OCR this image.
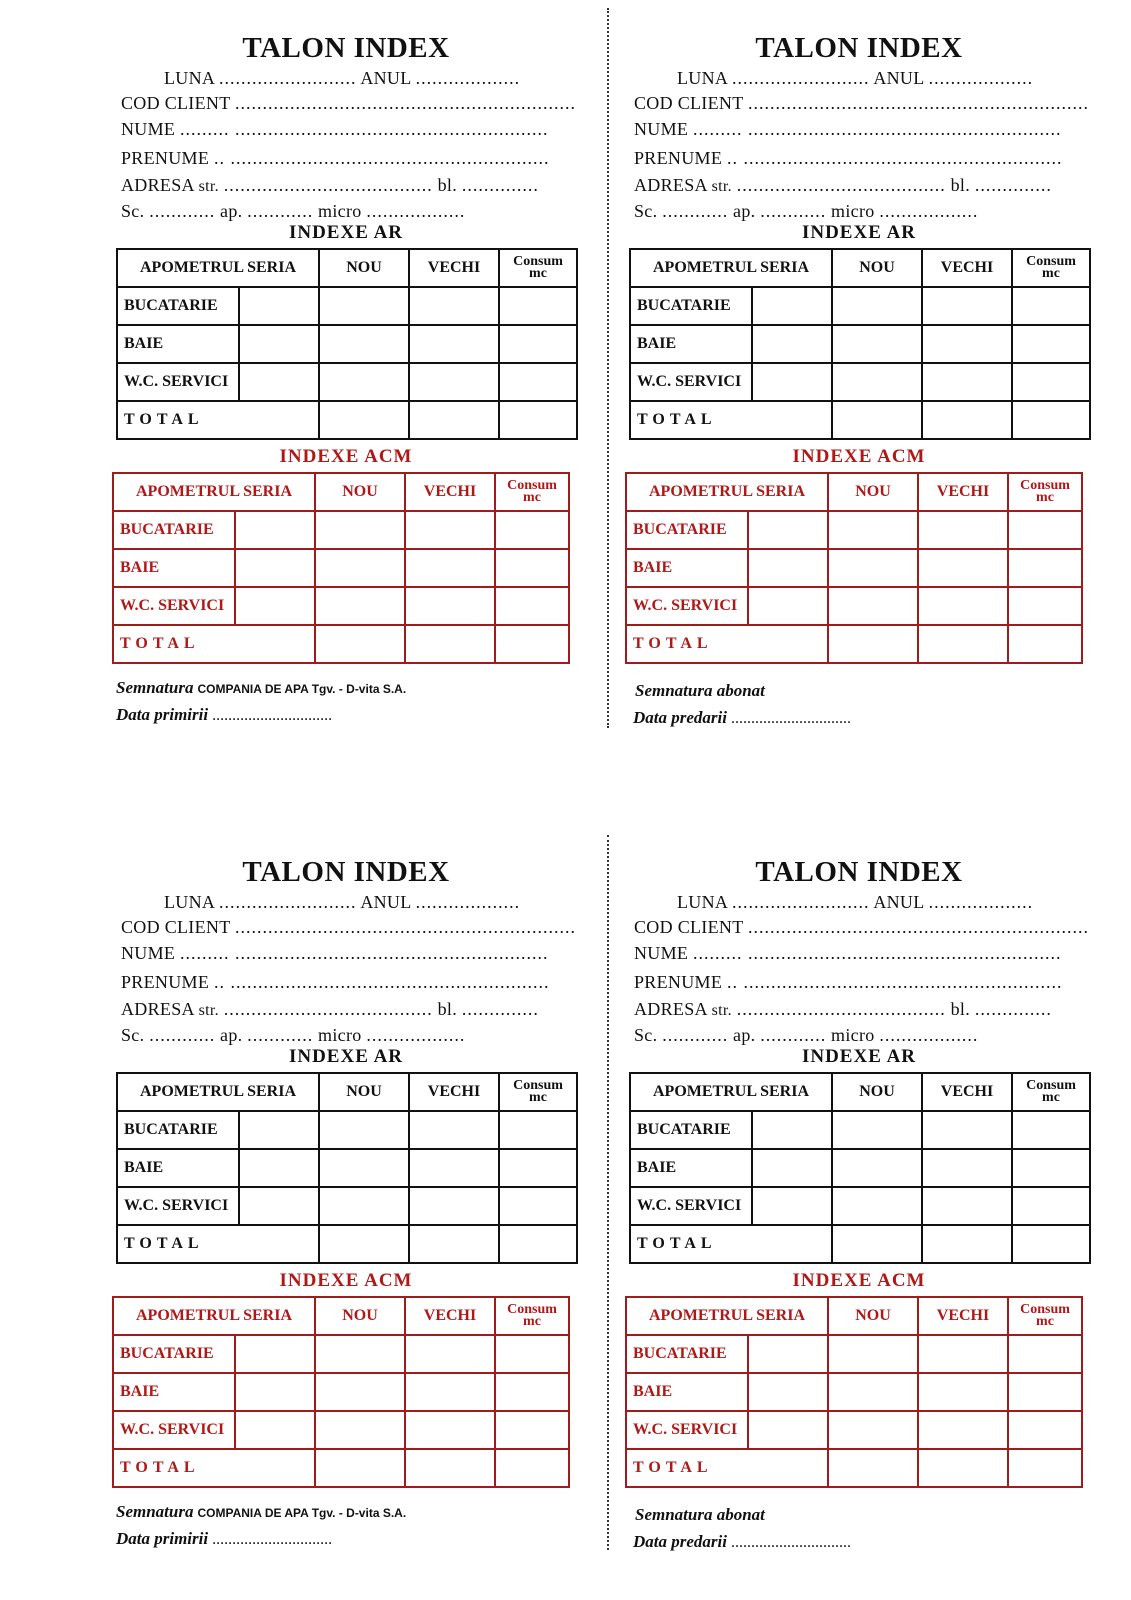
TALON INDEX
LUNA ......................... ANUL ...................
COD CLIENT ..............................................................
NUME ......... .........................................................
PRENUME .. ..........................................................
ADRESA str. ...................................... bl. ..............
Sc. ............ ap. ............ micro ..................
INDEXE AR
APOMETRUL SERIA		NOU	VECHI	Consum
mc
BUCATARIE				
BAIE				
W.C. SERVICI				
TOTAL				
INDEXE ACM
APOMETRUL SERIA		NOU	VECHI	Consum
mc
BUCATARIE				
BAIE				
W.C. SERVICI				
TOTAL				
Semnatura COMPANIA DE APA Tgv. - D-vita S.A.
Data primirii ..............................
TALON INDEX
LUNA ......................... ANUL ...................
COD CLIENT ..............................................................
NUME ......... .........................................................
PRENUME .. ..........................................................
ADRESA str. ...................................... bl. ..............
Sc. ............ ap. ............ micro ..................
INDEXE AR
APOMETRUL SERIA		NOU	VECHI	Consum
mc
BUCATARIE				
BAIE				
W.C. SERVICI				
TOTAL				
INDEXE ACM
APOMETRUL SERIA		NOU	VECHI	Consum
mc
BUCATARIE				
BAIE				
W.C. SERVICI				
TOTAL				
Semnatura abonat
Data predarii ..............................
TALON INDEX
LUNA ......................... ANUL ...................
COD CLIENT ..............................................................
NUME ......... .........................................................
PRENUME .. ..........................................................
ADRESA str. ...................................... bl. ..............
Sc. ............ ap. ............ micro ..................
INDEXE AR
APOMETRUL SERIA		NOU	VECHI	Consum
mc
BUCATARIE				
BAIE				
W.C. SERVICI				
TOTAL				
INDEXE ACM
APOMETRUL SERIA		NOU	VECHI	Consum
mc
BUCATARIE				
BAIE				
W.C. SERVICI				
TOTAL				
Semnatura COMPANIA DE APA Tgv. - D-vita S.A.
Data primirii ..............................
TALON INDEX
LUNA ......................... ANUL ...................
COD CLIENT ..............................................................
NUME ......... .........................................................
PRENUME .. ..........................................................
ADRESA str. ...................................... bl. ..............
Sc. ............ ap. ............ micro ..................
INDEXE AR
APOMETRUL SERIA		NOU	VECHI	Consum
mc
BUCATARIE				
BAIE				
W.C. SERVICI				
TOTAL				
INDEXE ACM
APOMETRUL SERIA		NOU	VECHI	Consum
mc
BUCATARIE				
BAIE				
W.C. SERVICI				
TOTAL				
Semnatura abonat
Data predarii ..............................
